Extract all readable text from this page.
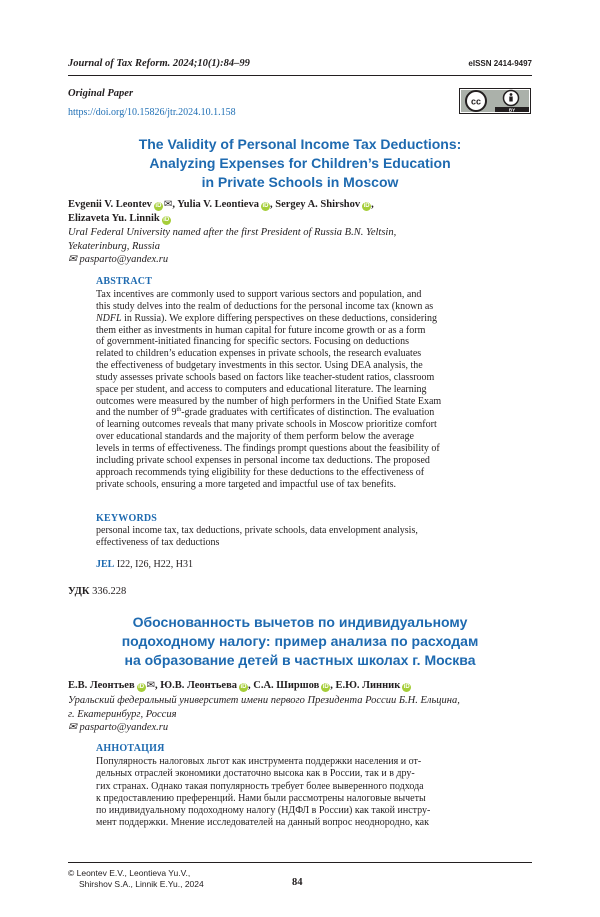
Journal of Tax Reform. 2024;10(1):84–99	eISSN 2414-9497
Original Paper
https://doi.org/10.15826/jtr.2024.10.1.158
cc
BY
The Validity of Personal Income Tax Deductions:
Analyzing Expenses for Children’s Education
in Private Schools in Moscow
Evgenii V. Leontev iD ✉, Yulia V. Leontieva iD , Sergey A. Shirshov iD ,
Elizaveta Yu. Linnik iD
Ural Federal University named after the first President of Russia B.N. Yeltsin,
Yekaterinburg, Russia
✉ pasparto@yandex.ru
ABSTRACT
Tax incentives are commonly used to support various sectors and population, and
this study delves into the realm of deductions for the personal income tax (known as
NDFL in Russia). We explore differing perspectives on these deductions, considering
them either as investments in human capital for future income growth or as a form
of government-initiated financing for specific sectors. Focusing on deductions
related to children’s education expenses in private schools, the research evaluates
the effectiveness of budgetary investments in this sector. Using DEA analysis, the
study assesses private schools based on factors like teacher-student ratios, classroom
space per student, and access to computers and educational literature. The learning
outcomes were measured by the number of high performers in the Unified State Exam
and the number of 9th-grade graduates with certificates of distinction. The evaluation
of learning outcomes reveals that many private schools in Moscow prioritize comfort
over educational standards and the majority of them perform below the average
levels in terms of effectiveness. The findings prompt questions about the feasibility of
including private school expenses in personal income tax deductions. The proposed
approach recommends tying eligibility for these deductions to the effectiveness of
private schools, ensuring a more targeted and impactful use of tax benefits.
KEYWORDS
personal income tax, tax deductions, private schools, data envelopment analysis,
effectiveness of tax deductions
JEL I22, I26, H22, H31
УДК 336.228
Обоснованность вычетов по индивидуальному
подоходному налогу: пример анализа по расходам
на образование детей в частных школах г. Москва
Е.В. Леонтьев iD ✉, Ю.В. Леонтьева iD , С.А. Ширшов iD , Е.Ю. Линник iD
Уральский федеральный университет имени первого Президента России Б.Н. Ельцина,
г. Екатеринбург, Россия
✉ pasparto@yandex.ru
АННОТАЦИЯ
Популярность налоговых льгот как инструмента поддержки населения и от-
дельных отраслей экономики достаточно высока как в России, так и в дру-
гих странах. Однако такая популярность требует более выверенного подхода
к предоставлению преференций. Нами были рассмотрены налоговые вычеты
по индивидуальному подоходному налогу (НДФЛ в России) как такой инстру-
мент поддержки. Мнение исследователей на данный вопрос неоднородно, как
© Leontev E.V., Leontieva Yu.V.,
Shirshov S.A., Linnik E.Yu., 2024	84
